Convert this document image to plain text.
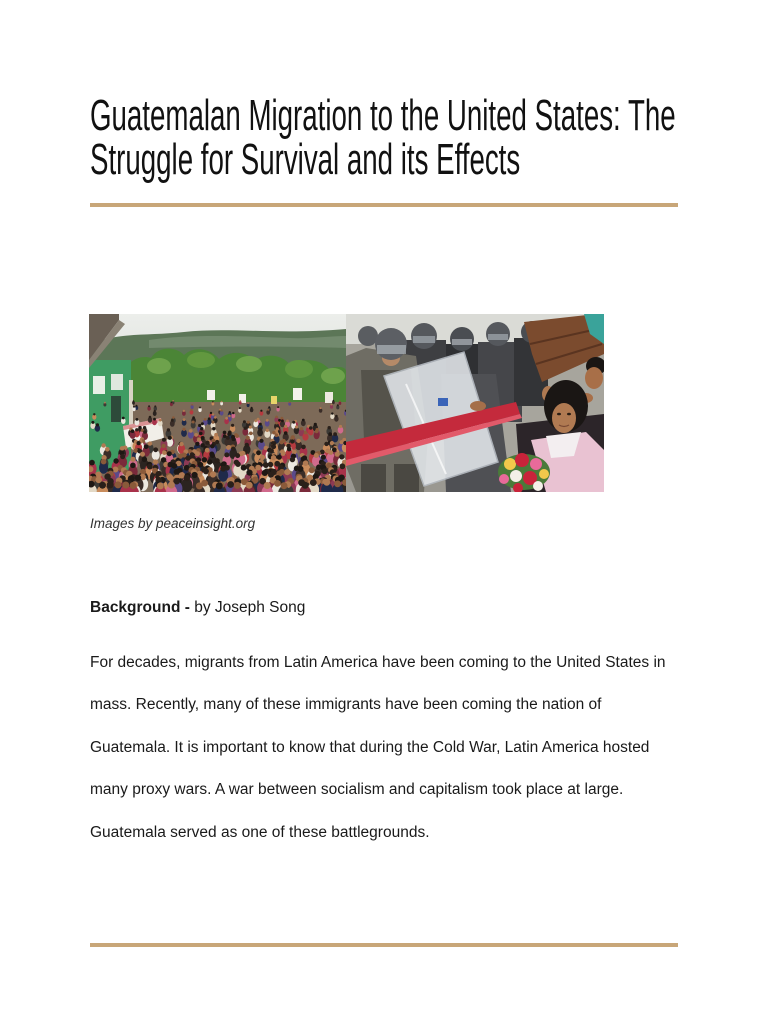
Guatemalan Migration to the United States: The
Struggle for Survival and its Effects
Images by peaceinsight.org
Background - by Joseph Song

For decades, migrants from Latin America have been coming to the United States in mass. Recently, many of these immigrants have been coming the nation of Guatemala. It is important to know that during the Cold War, Latin America hosted many proxy wars. A war between socialism and capitalism took place at large. Guatemala served as one of these battlegrounds.
